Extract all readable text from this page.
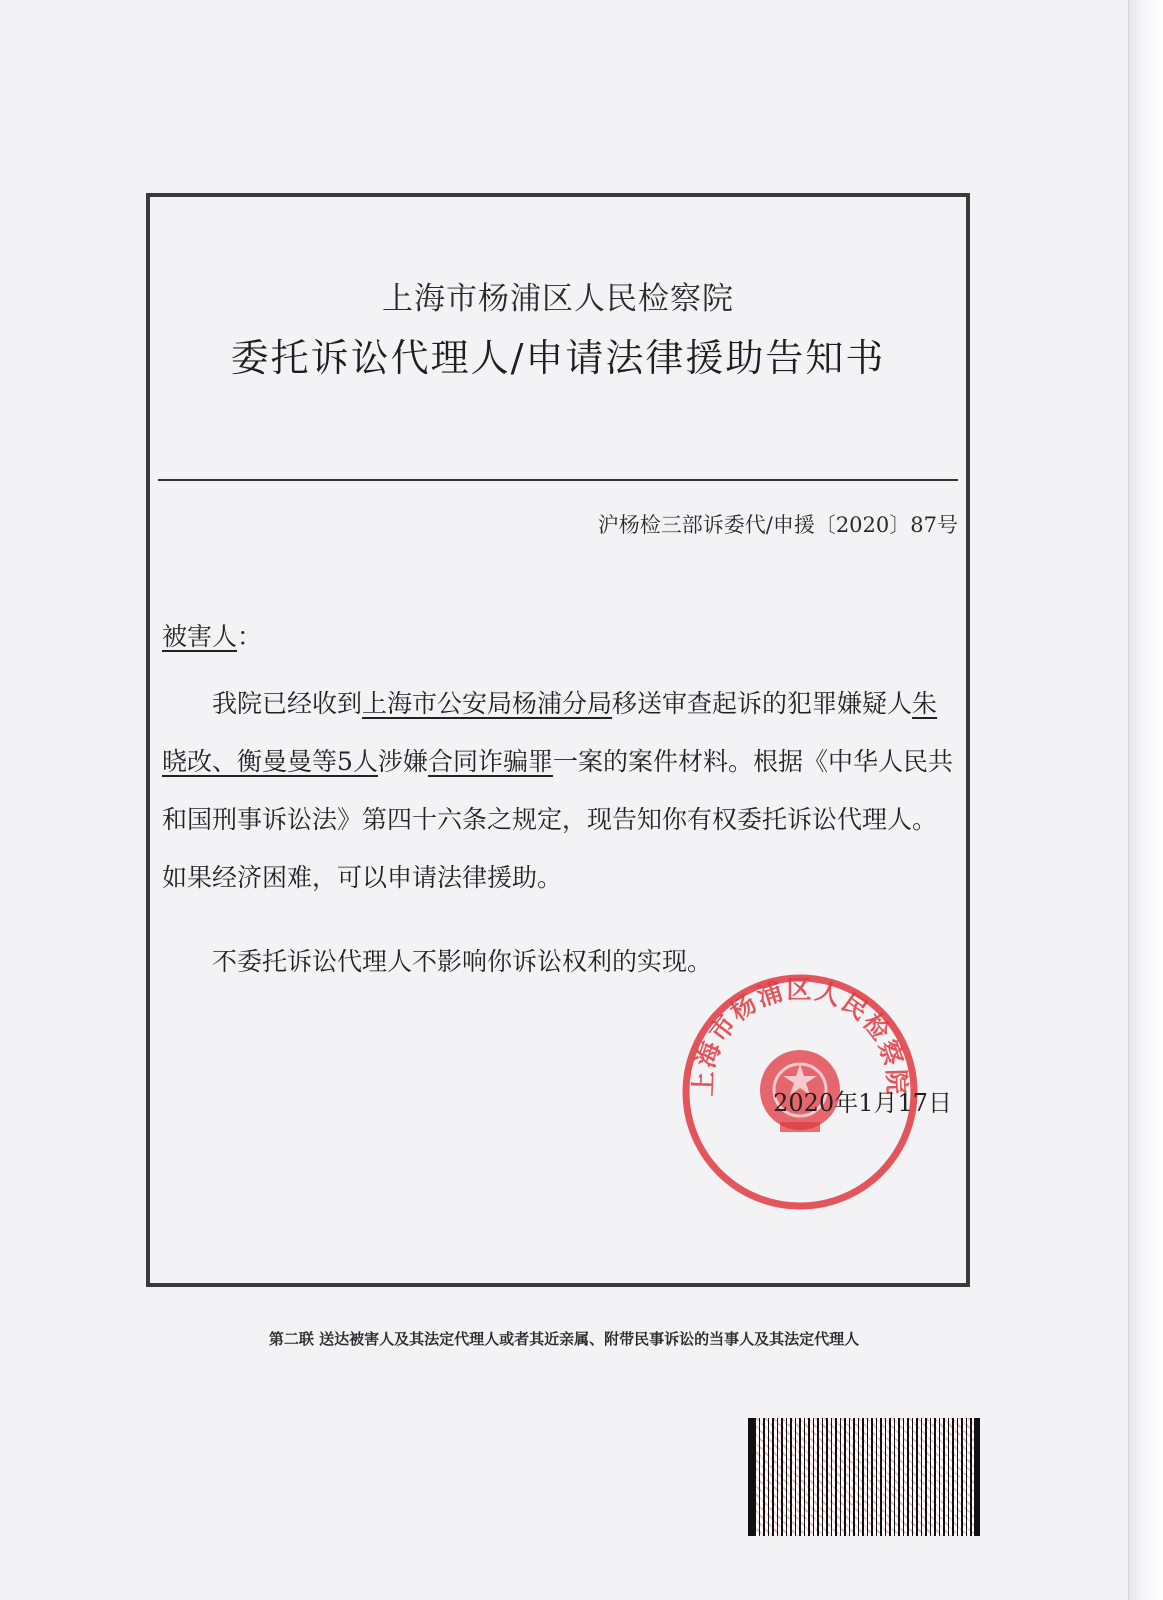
上海市杨浦区人民检察院
委托诉讼代理人/申请法律援助告知书
沪杨检三部诉委代/申援〔2020〕87号
被害人：

我院已经收到上海市公安局杨浦分局移送审查起诉的犯罪嫌疑人朱晓改、衡曼曼等5人涉嫌合同诈骗罪一案的案件材料。根据《中华人民共和国刑事诉讼法》第四十六条之规定，现告知你有权委托诉讼代理人。如果经济困难，可以申请法律援助。

不委托诉讼代理人不影响你诉讼权利的实现。

上海市杨浦区人民检察院
2020年1月17日
第二联 送达被害人及其法定代理人或者其近亲属、附带民事诉讼的当事人及其法定代理人
